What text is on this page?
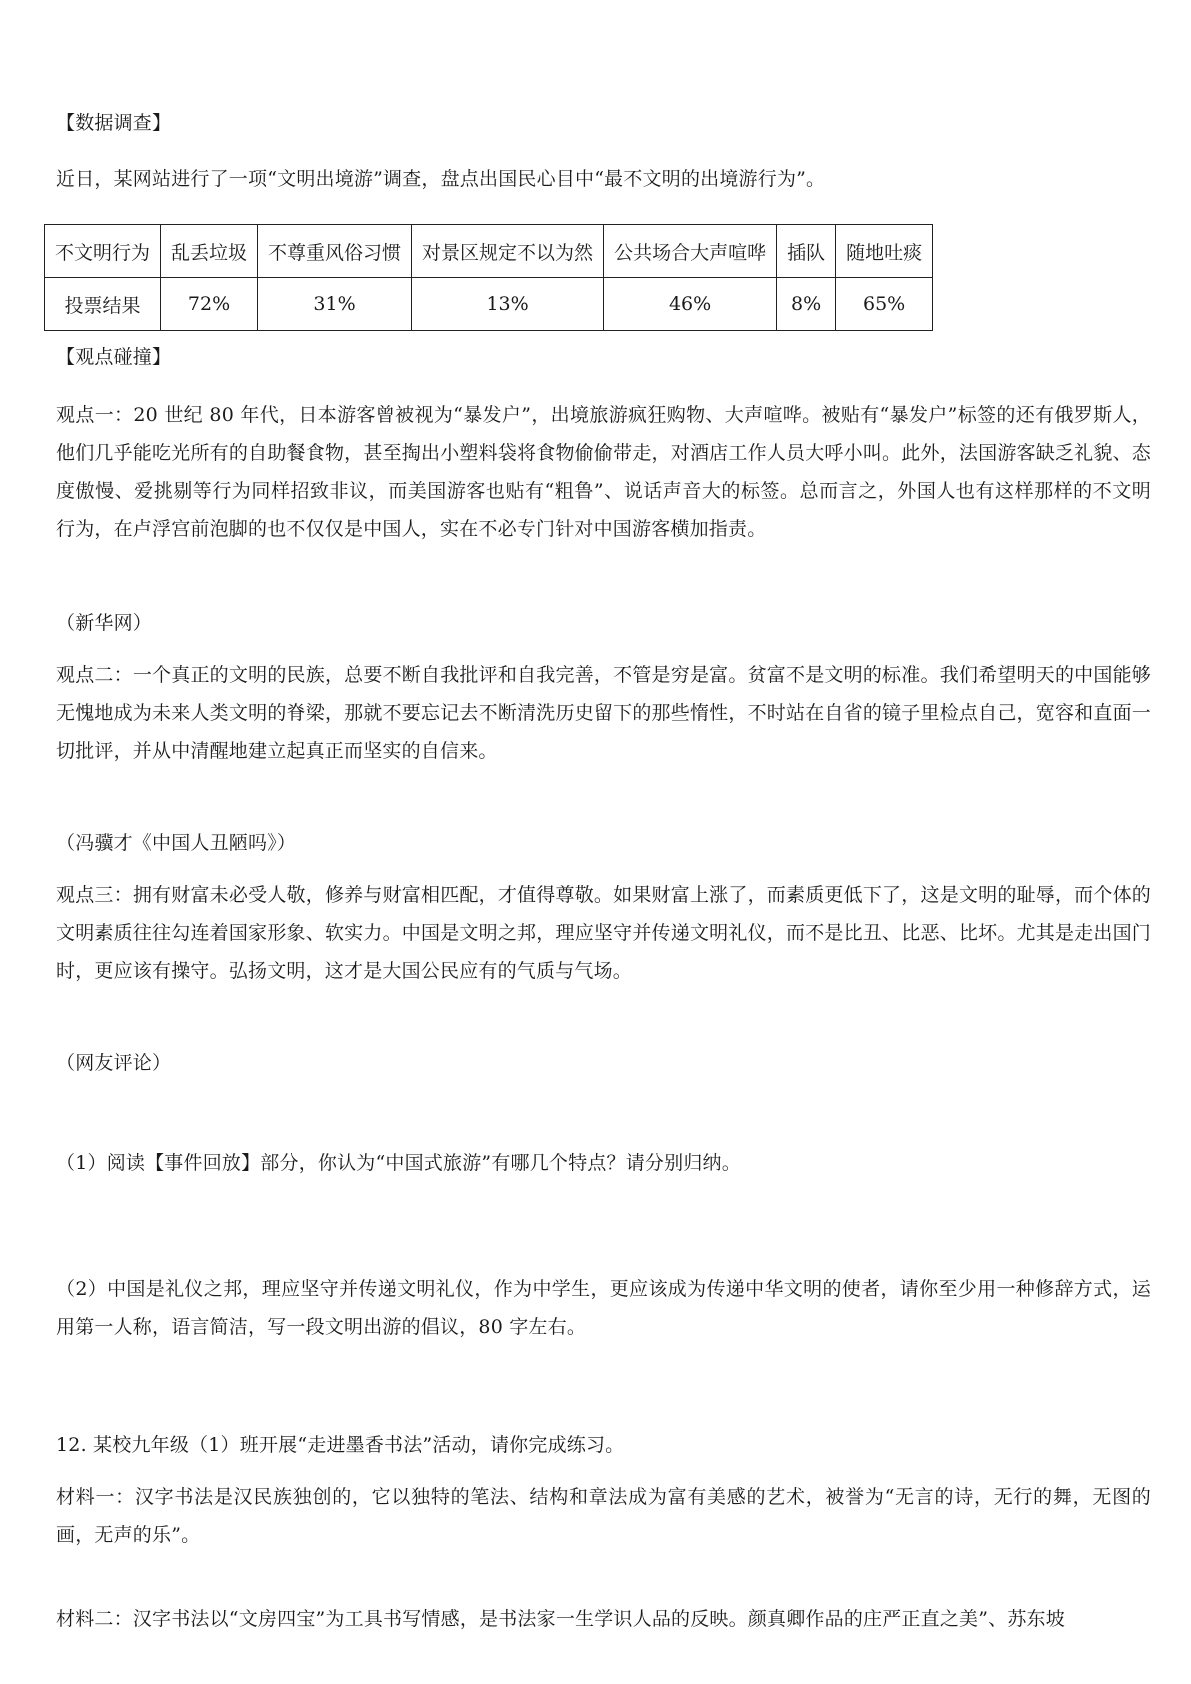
【数据调查】
近日，某网站进行了一项“文明出境游”调查，盘点出国民心目中“最不文明的出境游行为”。
不文明行为	乱丢垃圾	不尊重风俗习惯	对景区规定不以为然	公共场合大声喧哗	插队	随地吐痰
投票结果	72%	31%	13%	46%	8%	65%
【观点碰撞】
观点一：20 世纪 80 年代，日本游客曾被视为“暴发户”，出境旅游疯狂购物、大声喧哗。被贴有“暴发户”标签的还有俄罗斯人，他们几乎能吃光所有的自助餐食物，甚至掏出小塑料袋将食物偷偷带走，对酒店工作人员大呼小叫。此外，法国游客缺乏礼貌、态度傲慢、爱挑剔等行为同样招致非议，而美国游客也贴有“粗鲁”、说话声音大的标签。总而言之，外国人也有这样那样的不文明行为，在卢浮宫前泡脚的也不仅仅是中国人，实在不必专门针对中国游客横加指责。
（新华网）
观点二：一个真正的文明的民族，总要不断自我批评和自我完善，不管是穷是富。贫富不是文明的标准。我们希望明天的中国能够无愧地成为未来人类文明的脊梁，那就不要忘记去不断清洗历史留下的那些惰性，不时站在自省的镜子里检点自己，宽容和直面一切批评，并从中清醒地建立起真正而坚实的自信来。
（冯骥才《中国人丑陋吗》）
观点三：拥有财富未必受人敬，修养与财富相匹配，才值得尊敬。如果财富上涨了，而素质更低下了，这是文明的耻辱，而个体的文明素质往往勾连着国家形象、软实力。中国是文明之邦，理应坚守并传递文明礼仪，而不是比丑、比恶、比坏。尤其是走出国门时，更应该有操守。弘扬文明，这才是大国公民应有的气质与气场。
（网友评论）
（1）阅读【事件回放】部分，你认为“中国式旅游”有哪几个特点？请分别归纳。
（2）中国是礼仪之邦，理应坚守并传递文明礼仪，作为中学生，更应该成为传递中华文明的使者，请你至少用一种修辞方式，运用第一人称，语言简洁，写一段文明出游的倡议，80 字左右。
12. 某校九年级（1）班开展“走进墨香书法”活动，请你完成练习。
材料一：汉字书法是汉民族独创的，它以独特的笔法、结构和章法成为富有美感的艺术，被誉为“无言的诗，无行的舞，无图的画，无声的乐”。
材料二：汉字书法以“文房四宝”为工具书写情感，是书法家一生学识人品的反映。颜真卿作品的庄严正直之美”、苏东坡
